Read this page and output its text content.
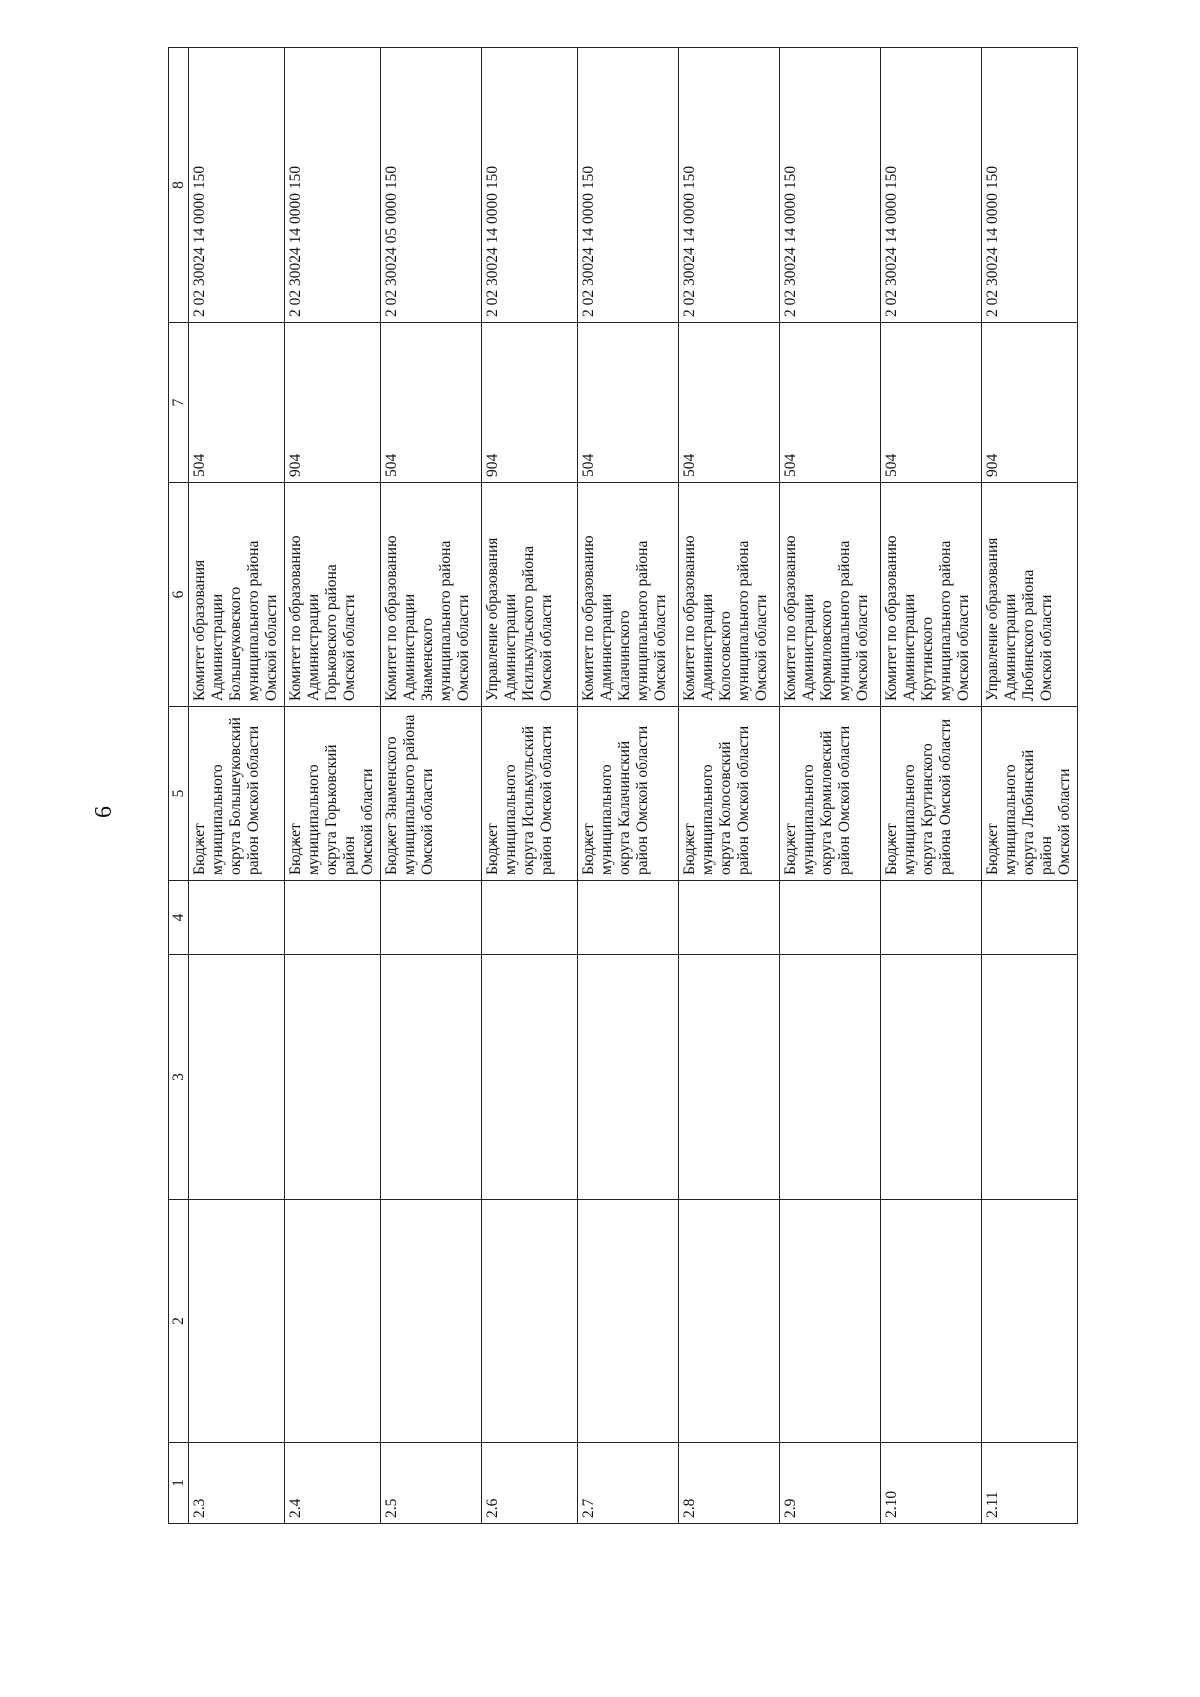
6
1	2	3	4	5	6	7	8
2.3				Бюджет муниципального
округа Большеуковский
район Омской области	Комитет образования
Администрации
Большеуковского
муниципального района
Омской области	504	2 02 30024 14 0000 150
2.4				Бюджет муниципального
округа Горьковский район
Омской области	Комитет по образованию
Администрации
Горьковского района
Омской области	904	2 02 30024 14 0000 150
2.5				Бюджет Знаменского
муниципального района
Омской области	Комитет по образованию
Администрации
Знаменского
муниципального района
Омской области	504	2 02 30024 05 0000 150
2.6				Бюджет муниципального
округа Исилькульский
район Омской области	Управление образования
Администрации
Исилькульского района
Омской области	904	2 02 30024 14 0000 150
2.7				Бюджет муниципального
округа Калачинский
район Омской области	Комитет по образованию
Администрации
Калачинского
муниципального района
Омской области	504	2 02 30024 14 0000 150
2.8				Бюджет муниципального
округа Колосовский
район Омской области	Комитет по образованию
Администрации
Колосовского
муниципального района
Омской области	504	2 02 30024 14 0000 150
2.9				Бюджет муниципального
округа Кормиловский
район Омской области	Комитет по образованию
Администрации
Кормиловского
муниципального района
Омской области	504	2 02 30024 14 0000 150
2.10				Бюджет муниципального
округа Крутинского
района Омской области	Комитет по образованию
Администрации
Крутинского
муниципального района
Омской области	504	2 02 30024 14 0000 150
2.11				Бюджет муниципального
округа Любинский район
Омской области	Управление образования
Администрации
Любинского района
Омской области	904	2 02 30024 14 0000 150
